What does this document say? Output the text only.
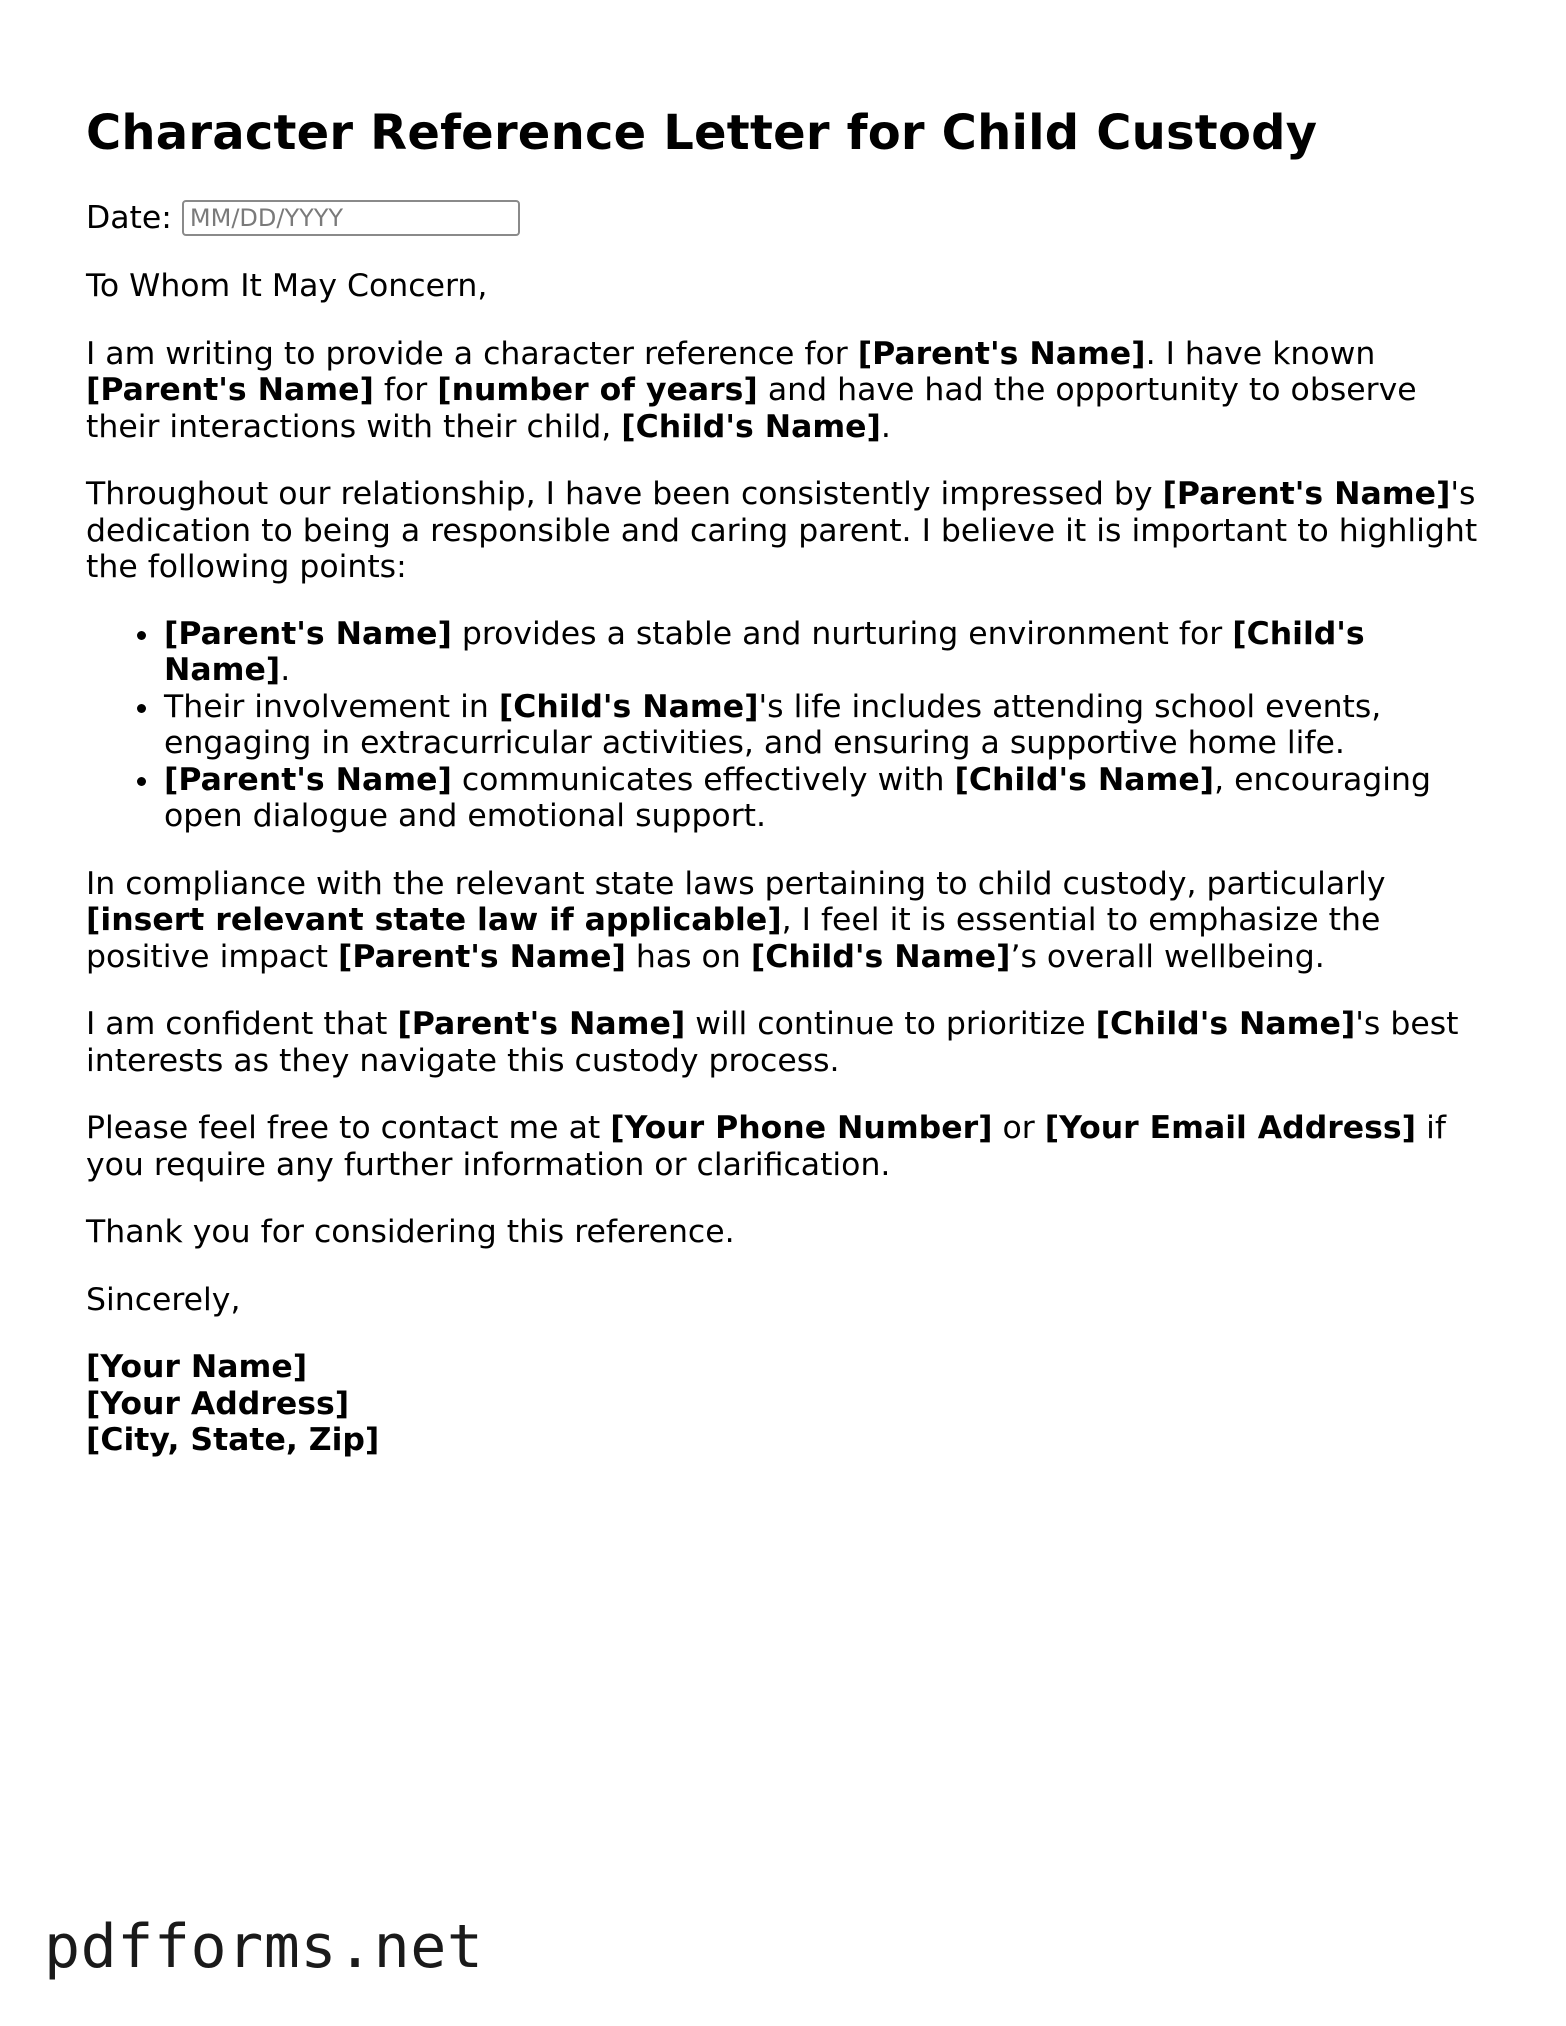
Character Reference Letter for Child Custody
Date:
MM/DD/YYYY

To Whom It May Concern,

I am writing to provide a character reference for [Parent's Name]. I have known [Parent's Name] for [number of years] and have had the opportunity to observe their interactions with their child, [Child's Name].

Throughout our relationship, I have been consistently impressed by [Parent's Name]'s dedication to being a responsible and caring parent. I believe it is important to highlight the following points:

• [Parent's Name] provides a stable and nurturing environment for [Child's Name].
• Their involvement in [Child's Name]'s life includes attending school events, engaging in extracurricular activities, and ensuring a supportive home life.
• [Parent's Name] communicates effectively with [Child's Name], encouraging open dialogue and emotional support.

In compliance with the relevant state laws pertaining to child custody, particularly [insert relevant state law if applicable], I feel it is essential to emphasize the positive impact [Parent's Name] has on [Child's Name]’s overall wellbeing.

I am confident that [Parent's Name] will continue to prioritize [Child's Name]'s best interests as they navigate this custody process.

Please feel free to contact me at [Your Phone Number] or [Your Email Address] if you require any further information or clarification.

Thank you for considering this reference.

Sincerely,

[Your Name]
[Your Address]
[City, State, Zip]
pdfforms.net
